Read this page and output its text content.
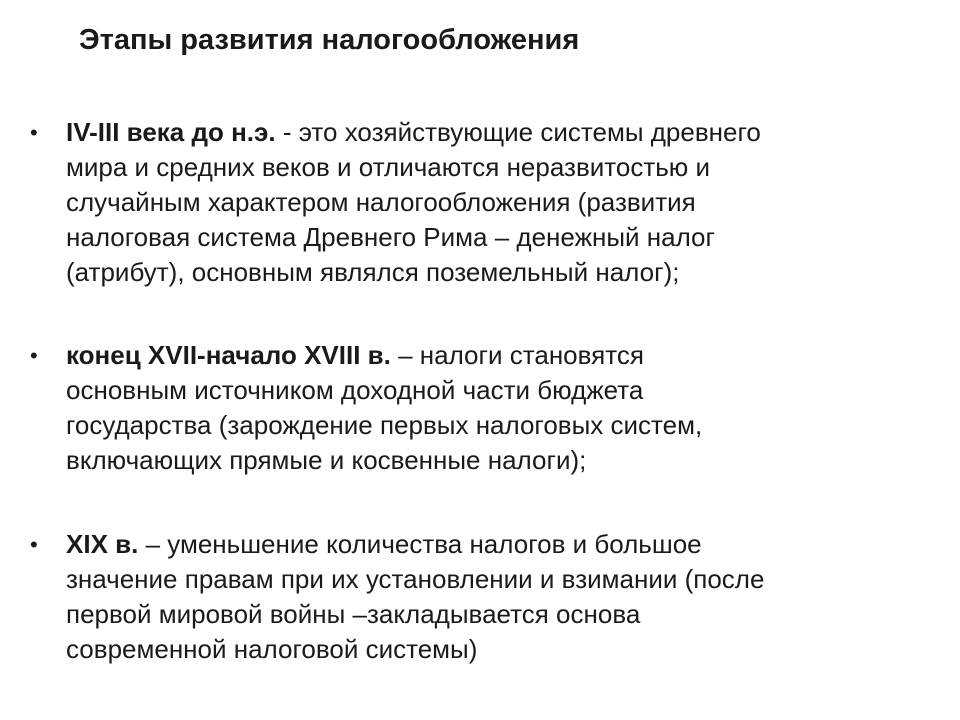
Этапы развития налогообложения
•	IV-III века до н.э. - это хозяйствующие системы древнего
мира и средних веков и отличаются неразвитостью и
случайным характером налогообложения (развития
налоговая система Древнего Рима – денежный налог
(атрибут), основным являлся поземельный налог);
•	конец XVII-начало XVIII в. – налоги становятся
основным источником доходной части бюджета
государства (зарождение первых налоговых систем,
включающих прямые и косвенные налоги);
•	XIX в. – уменьшение количества налогов и большое
значение правам при их установлении и взимании (после
первой мировой войны –закладывается основа
современной налоговой системы)
